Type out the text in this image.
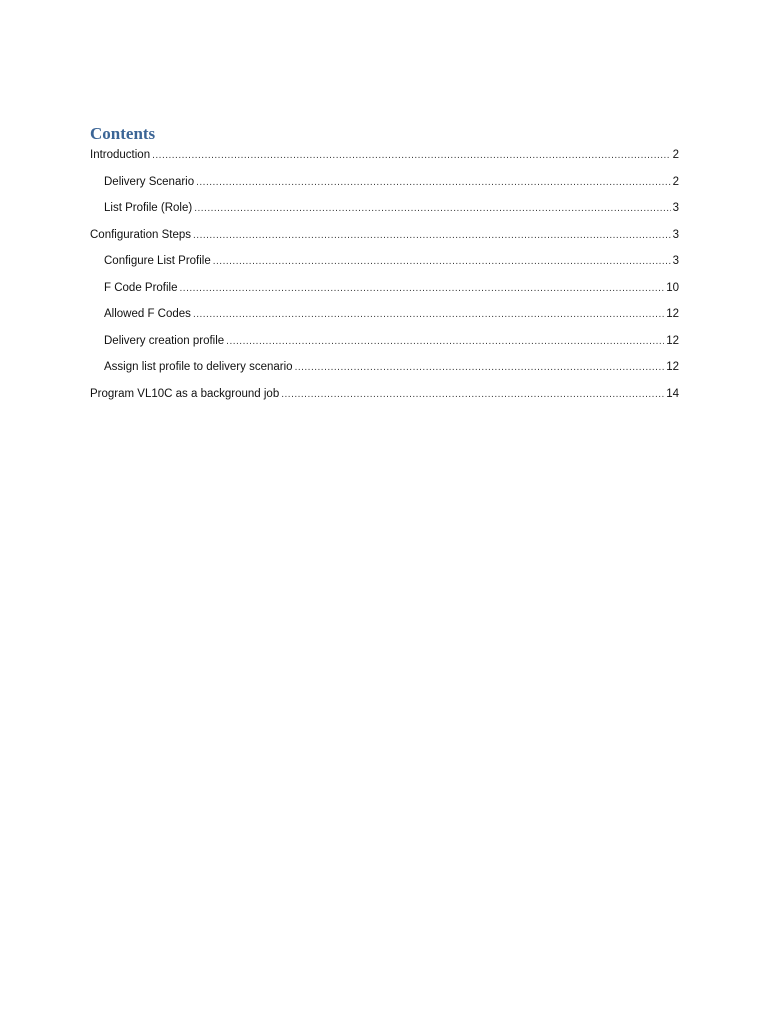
Contents
Introduction .....	2
Delivery Scenario .....	2
List Profile (Role) .....	3
Configuration Steps .....	3
Configure List Profile .....	3
F Code Profile .....	10
Allowed F Codes .....	12
Delivery creation profile .....	12
Assign list profile to delivery scenario .....	12
Program VL10C as a background job .....	14
